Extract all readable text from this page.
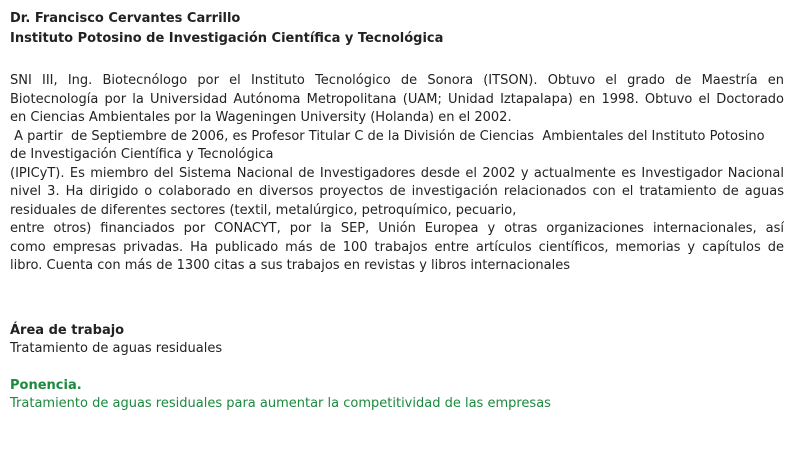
Dr. Francisco Cervantes Carrillo

Instituto Potosino de Investigación Científica y Tecnológica

SNI III, Ing. Biotecnólogo por el Instituto Tecnológico de Sonora (ITSON). Obtuvo el grado de Maestría en
Biotecnología por la Universidad Autónoma Metropolitana (UAM; Unidad Iztapalapa) en 1998. Obtuvo el Doctorado
en Ciencias Ambientales por la Wageningen University (Holanda) en el 2002.
A partir  de Septiembre de 2006, es Profesor Titular C de la División de Ciencias  Ambientales del Instituto Potosino
de Investigación Científica y Tecnológica
(IPICyT). Es miembro del Sistema Nacional de Investigadores desde el 2002 y actualmente es Investigador Nacional
nivel 3. Ha dirigido o colaborado en diversos proyectos de investigación relacionados con el tratamiento de aguas
residuales de diferentes sectores (textil, metalúrgico, petroquímico, pecuario,
entre otros) financiados por CONACYT, por la SEP, Unión Europea y otras organizaciones internacionales, así
como empresas privadas. Ha publicado más de 100 trabajos entre artículos científicos, memorias y capítulos de
libro. Cuenta con más de 1300 citas a sus trabajos en revistas y libros internacionales

Área de trabajo

Tratamiento de aguas residuales

Ponencia.

Tratamiento de aguas residuales para aumentar la competitividad de las empresas
